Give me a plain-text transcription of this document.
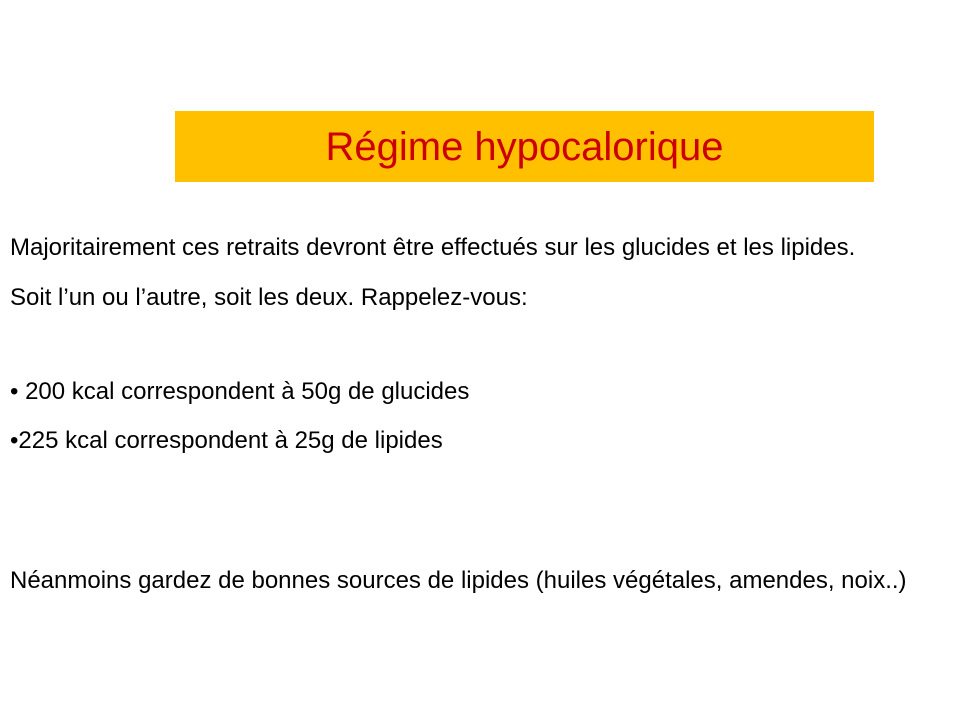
Régime hypocalorique
Majoritairement ces retraits devront être effectués sur les glucides et les lipides.
Soit l’un ou l’autre, soit les deux. Rappelez-vous:
• 200 kcal correspondent à 50g de glucides
•225 kcal correspondent à 25g de lipides
Néanmoins gardez de bonnes sources de lipides (huiles végétales, amendes, noix..)
